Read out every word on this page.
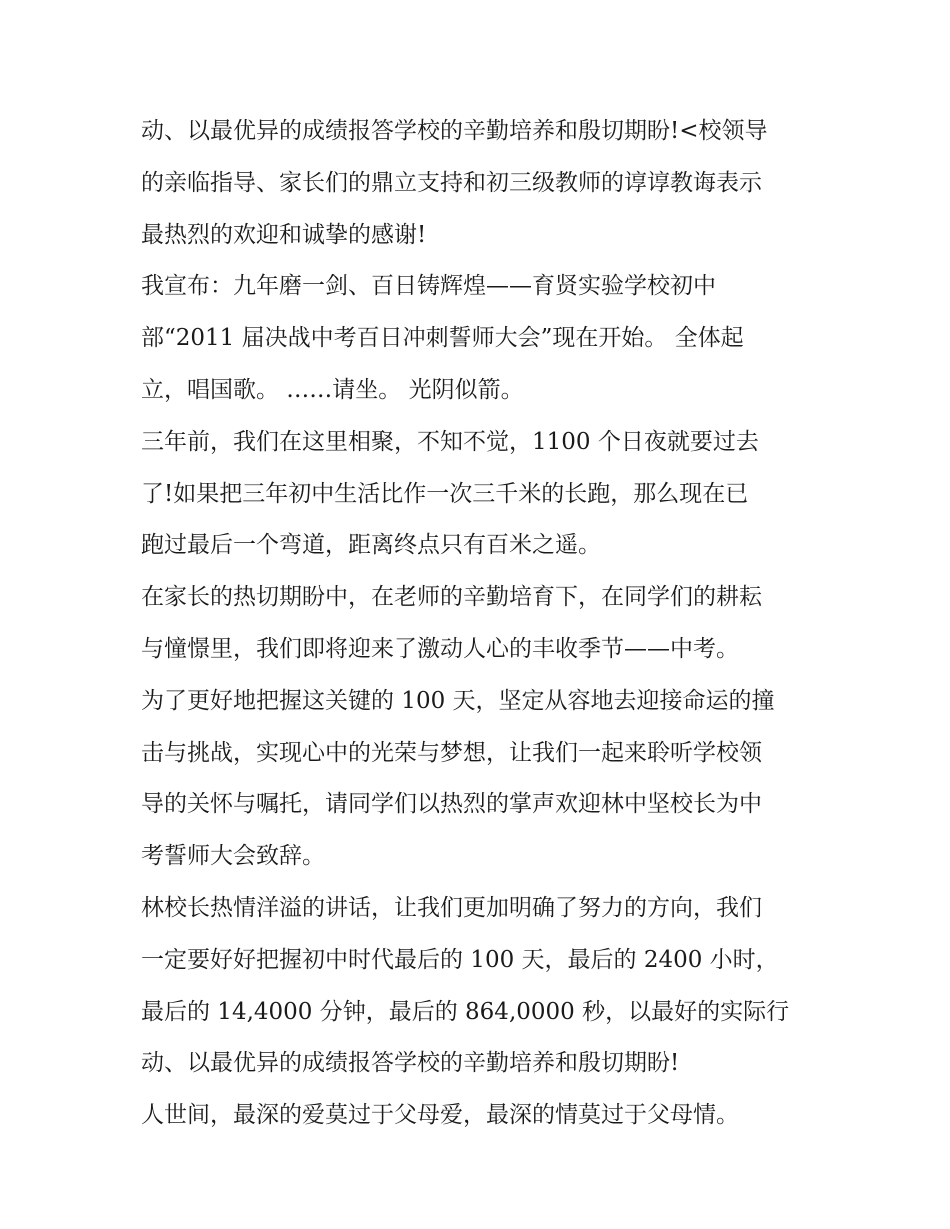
动、以最优异的成绩报答学校的辛勤培养和殷切期盼!<校领导
的亲临指导、家长们的鼎立支持和初三级教师的谆谆教诲表示
最热烈的欢迎和诚挚的感谢!
我宣布：九年磨一剑、百日铸辉煌——育贤实验学校初中
部“2011 届决战中考百日冲刺誓师大会”现在开始。 全体起
立，唱国歌。 ……请坐。 光阴似箭。
三年前，我们在这里相聚，不知不觉，1100 个日夜就要过去
了!如果把三年初中生活比作一次三千米的长跑，那么现在已
跑过最后一个弯道，距离终点只有百米之遥。
在家长的热切期盼中，在老师的辛勤培育下，在同学们的耕耘
与憧憬里，我们即将迎来了激动人心的丰收季节——中考。
为了更好地把握这关键的 100 天，坚定从容地去迎接命运的撞
击与挑战，实现心中的光荣与梦想，让我们一起来聆听学校领
导的关怀与嘱托，请同学们以热烈的掌声欢迎林中坚校长为中
考誓师大会致辞。
林校长热情洋溢的讲话，让我们更加明确了努力的方向，我们
一定要好好把握初中时代最后的 100 天，最后的 2400 小时，
最后的 14,4000 分钟，最后的 864,0000 秒，以最好的实际行
动、以最优异的成绩报答学校的辛勤培养和殷切期盼!
人世间，最深的爱莫过于父母爱，最深的情莫过于父母情。
